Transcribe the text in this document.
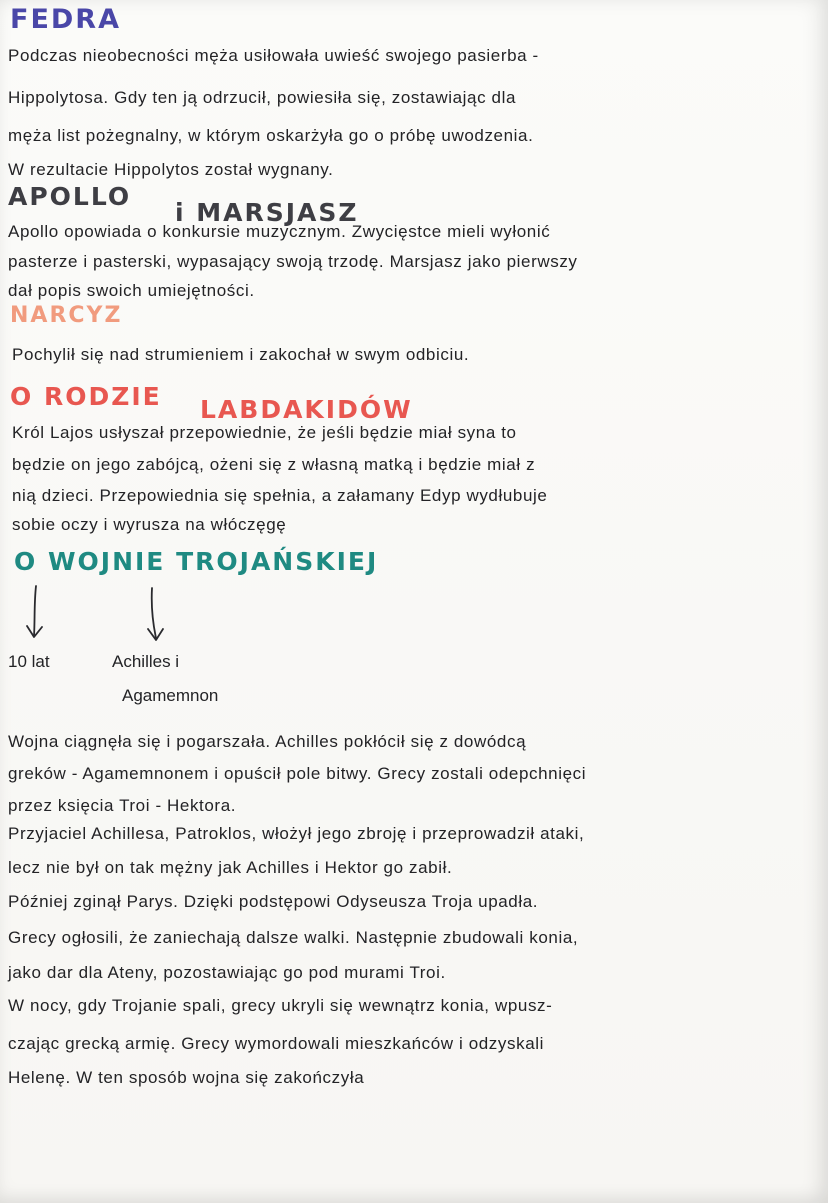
FEDRA

Podczas nieobecności męża usiłowała uwieść swojego pasierba -

Hippolytosa. Gdy ten ją odrzucił, powiesiła się, zostawiając dla

męża list pożegnalny, w którym oskarżyła go o próbę uwodzenia.

W rezultacie Hippolytos został wygnany.

APOLLO
i MARSJASZ

Apollo opowiada o konkursie muzycznym. Zwycięstce mieli wyłonić

pasterze i pasterski, wypasający swoją trzodę. Marsjasz jako pierwszy

dał popis swoich umiejętności.

NARCYZ

Pochylił się nad strumieniem i zakochał w swym odbiciu.

O RODZIE LABDAKIDÓW

Król Lajos usłyszał przepowiednie, że jeśli będzie miał syna to

będzie on jego zabójcą, ożeni się z własną matką i będzie miał z

nią dzieci. Przepowiednia się spełnia, a załamany Edyp wydłubuje

sobie oczy i wyrusza na włóczęgę

O WOJNIE TROJAŃSKIEJ

10 lat	Achilles i

Agamemnon

Wojna ciągnęła się i pogarszała. Achilles pokłócił się z dowódcą

greków - Agamemnonem i opuścił pole bitwy. Grecy zostali odepchnięci

przez księcia Troi - Hektora.

Przyjaciel Achillesa, Patroklos, włożył jego zbroję i przeprowadził ataki,

lecz nie był on tak mężny jak Achilles i Hektor go zabił.

Później zginął Parys. Dzięki podstępowi Odyseusza Troja upadła.

Grecy ogłosili, że zaniechają dalsze walki. Następnie zbudowali konia,

jako dar dla Ateny, pozostawiając go pod murami Troi.

W nocy, gdy Trojanie spali, grecy ukryli się wewnątrz konia, wpusz-

czając grecką armię. Grecy wymordowali mieszkańców i odzyskali

Helenę. W ten sposób wojna się zakończyła
